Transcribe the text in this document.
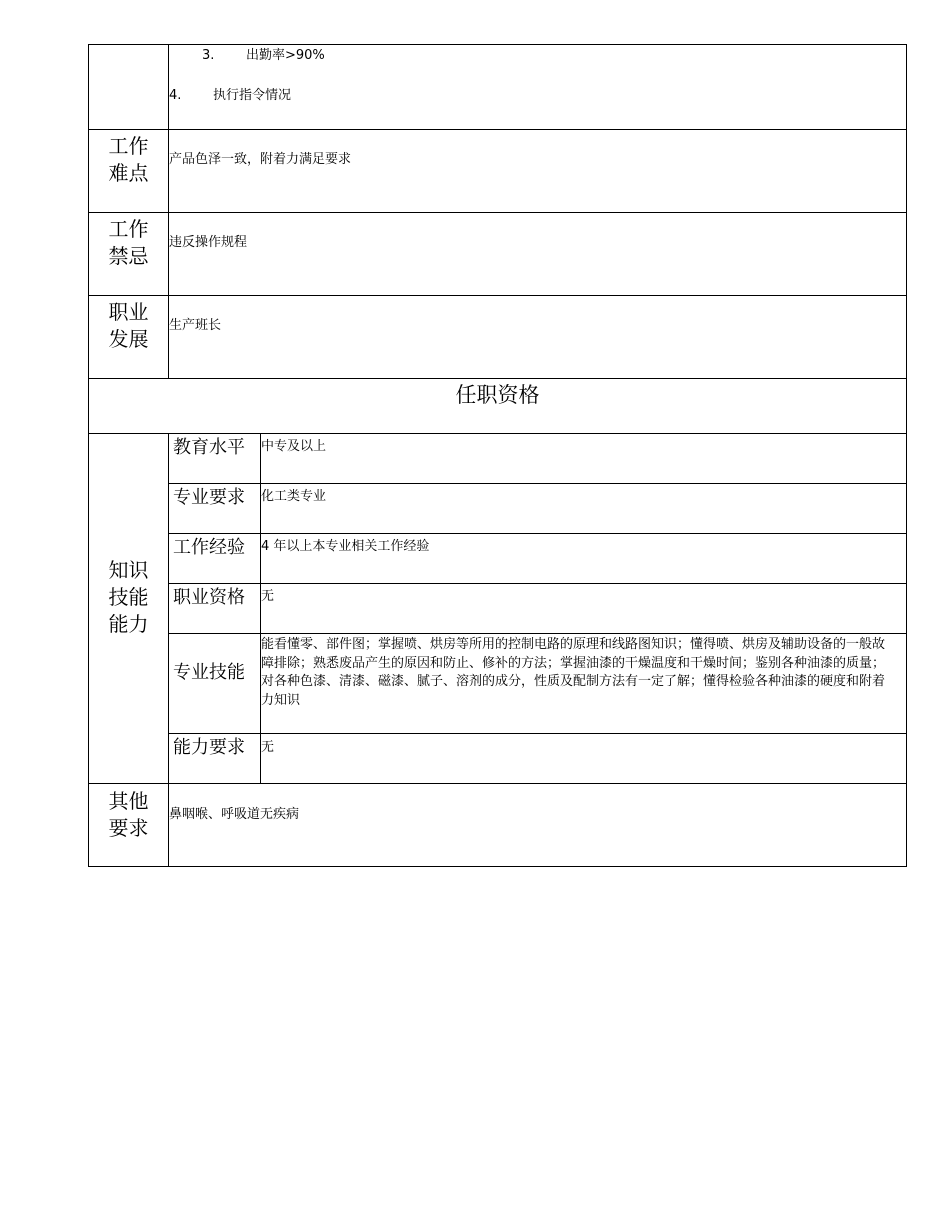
3. 出勤率>90%
4. 执行指令情况
工作
难点
产品色泽一致，附着力满足要求
工作
禁忌
违反操作规程
职业
发展
生产班长
任职资格
知识
技能
能力
教育水平 中专及以上
专业要求 化工类专业
工作经验 4 年以上本专业相关工作经验
职业资格 无
专业技能
能看懂零、部件图；掌握喷、烘房等所用的控制电路的原理和线路图知识；懂得喷、烘房及辅助设备的一般故障排除；熟悉废品产生的原因和防止、修补的方法；掌握油漆的干燥温度和干燥时间；鉴别各种油漆的质量；对各种色漆、清漆、磁漆、腻子、溶剂的成分，性质及配制方法有一定了解；懂得检验各种油漆的硬度和附着力知识
能力要求 无
其他
要求
鼻咽喉、呼吸道无疾病
